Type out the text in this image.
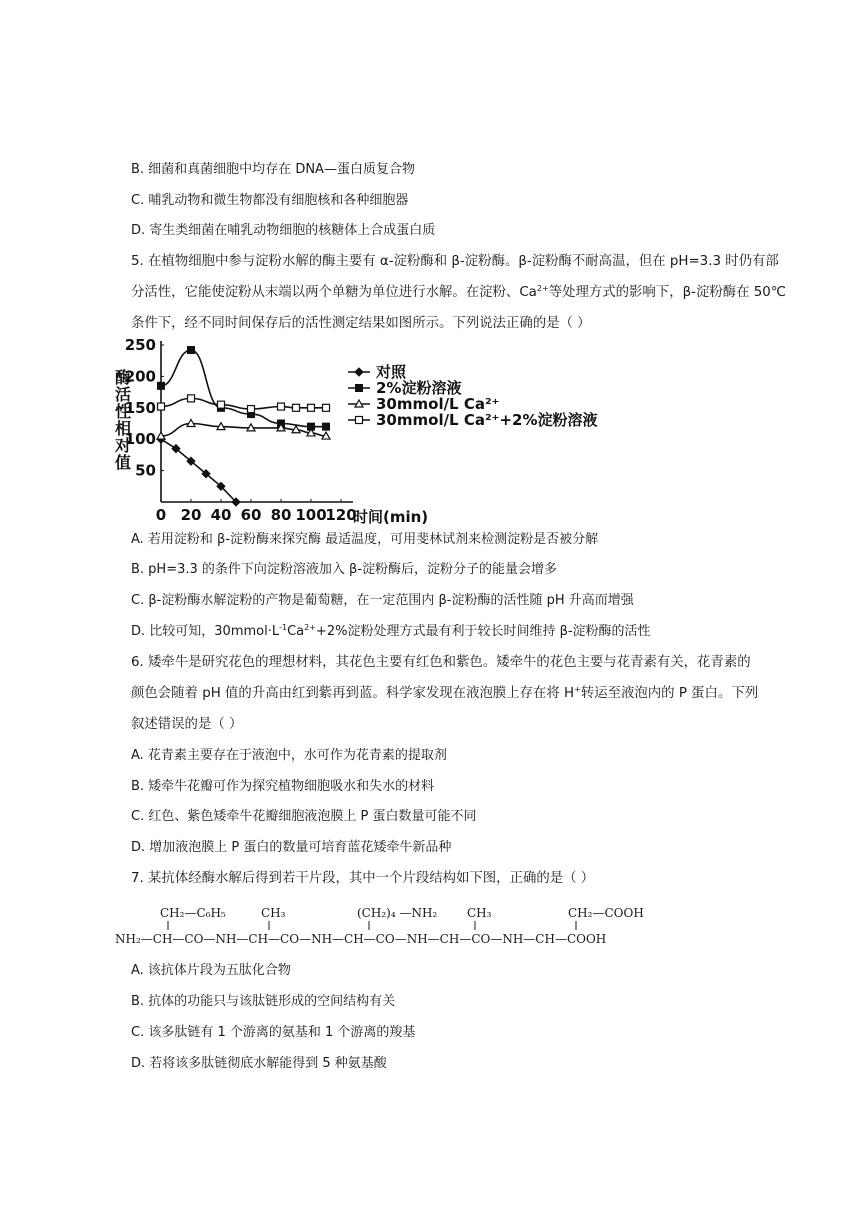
B. 细菌和真菌细胞中均存在 DNA—蛋白质复合物
C. 哺乳动物和微生物都没有细胞核和各种细胞器
D. 寄生类细菌在哺乳动物细胞的核糖体上合成蛋白质
5. 在植物细胞中参与淀粉水解的酶主要有 α-淀粉酶和 β-淀粉酶。β-淀粉酶不耐高温，但在 pH=3.3 时仍有部
分活性，它能使淀粉从末端以两个单糖为单位进行水解。在淀粉、$Ca^{2+}$等处理方式的影响下，β-淀粉酶在 50℃
条件下，经不同时间保存后的活性测定结果如图所示。下列说法正确的是（ ）
0 20 40 60 80 100
120
时间(min)
50
100
150
200
250
酶活性相对值	对照
2%淀粉溶液
30mmol/L Ca²⁺
30mmol/L Ca²⁺+2%淀粉溶液
A. 若用淀粉和 β-淀粉酶来探究酶 最适温度，可用斐林试剂来检测淀粉是否被分解
B. pH=3.3 的条件下向淀粉溶液加入 β-淀粉酶后，淀粉分子的能量会增多
C. β-淀粉酶水解淀粉的产物是葡萄糖，在一定范围内 β-淀粉酶的活性随 pH 升高而增强
D. 比较可知，$30mmol\cdot L^{-1}Ca^{2+}+2\%$淀粉处理方式最有利于较长时间维持 β-淀粉酶的活性
6. 矮牵牛是研究花色的理想材料，其花色主要有红色和紫色。矮牵牛的花色主要与花青素有关，花青素的
颜色会随着 pH 值的升高由红到紫再到蓝。科学家发现在液泡膜上存在将 H+转运至液泡内的 P 蛋白。下列
叙述错误的是（ ）
A. 花青素主要存在于液泡中，水可作为花青素的提取剂
B. 矮牵牛花瓣可作为探究植物细胞吸水和失水的材料
C. 红色、紫色矮牵牛花瓣细胞液泡膜上 P 蛋白数量可能不同
D. 增加液泡膜上 P 蛋白的数量可培育蓝花矮牵牛新品种
7. 某抗体经酶水解后得到若干片段，其中一个片段结构如下图，正确的是（ ）
CH₂—C₆H₅	CH₃	(CH₂)₄ —NH₂ CH₃	CH₂—COOH
NH₂—CH—CO—NH—CH—CO—NH—CH—CO—NH—CH—CO—NH—CH—COOH
A. 该抗体片段为五肽化合物
B. 抗体的功能只与该肽链形成的空间结构有关
C. 该多肽链有 1 个游离的氨基和 1 个游离的羧基
D. 若将该多肽链彻底水解能得到 5 种氨基酸
